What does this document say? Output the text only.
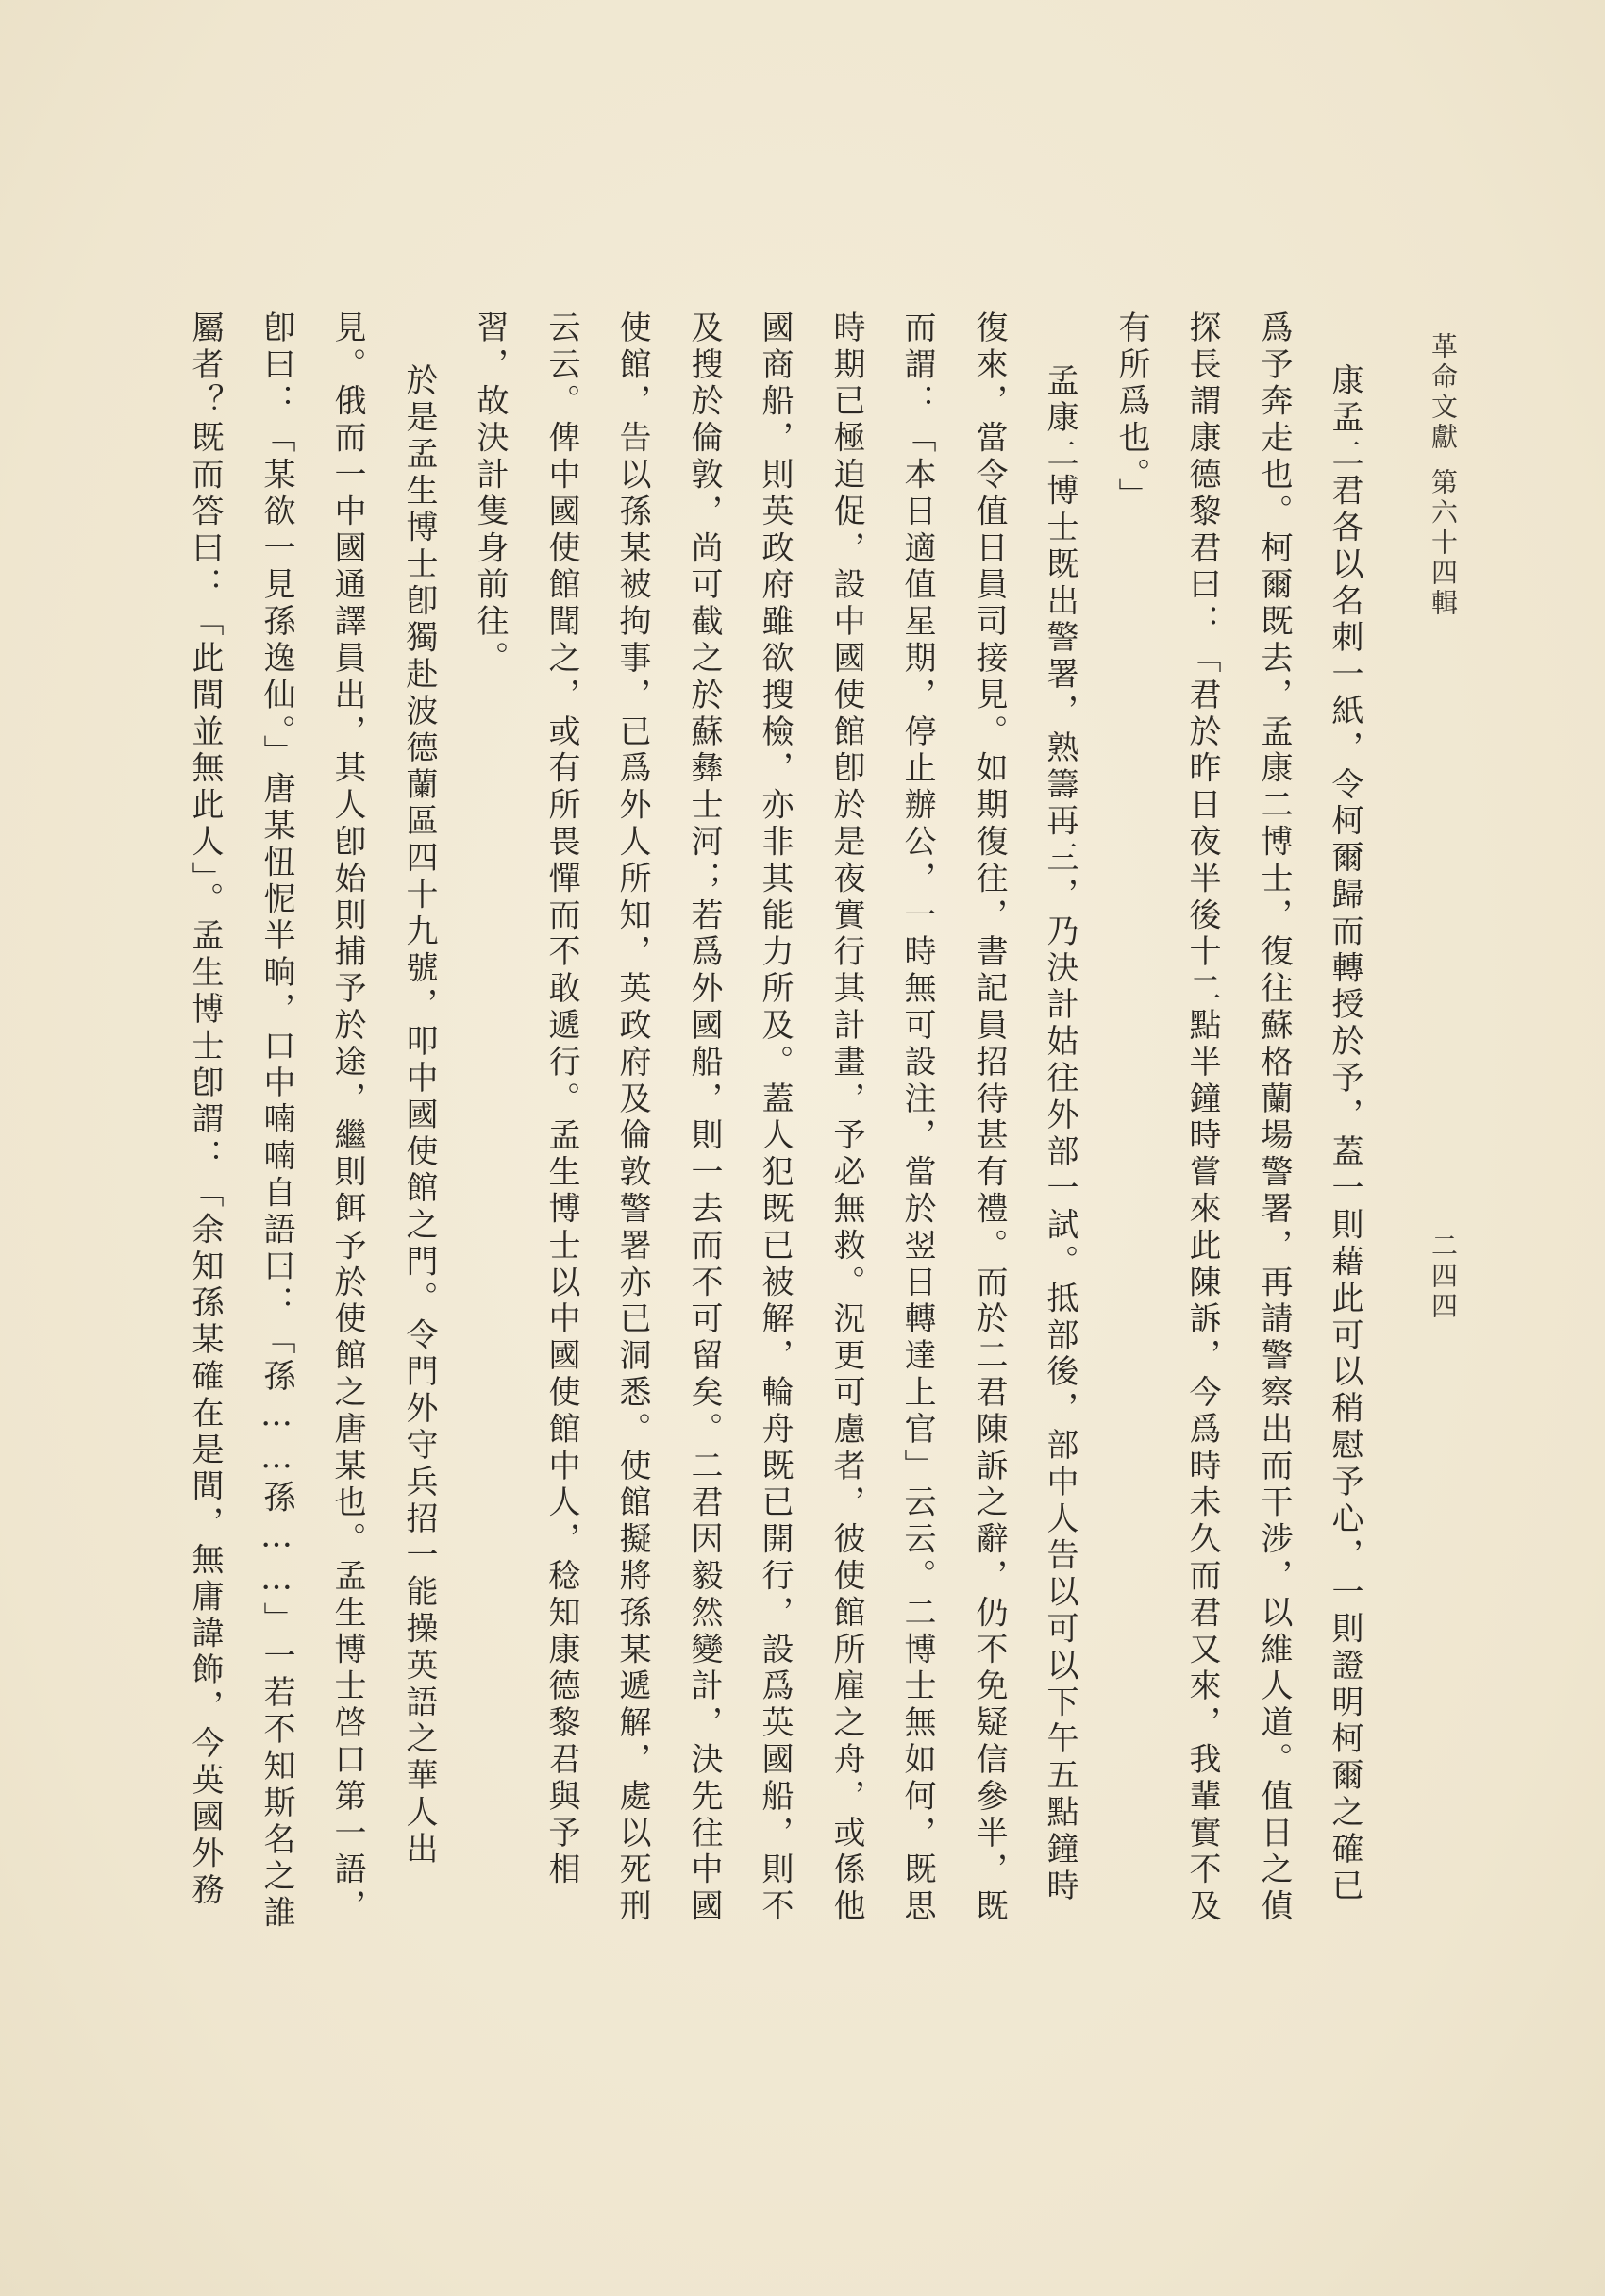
革命文獻第六十四輯
二四四
康孟二君各以名刺一紙，令柯爾歸而轉授於予，蓋一則藉此可以稍慰予心，一則證明柯爾之確已
爲予奔走也。柯爾既去，孟康二博士，復往蘇格蘭場警署，再請警察出而干涉，以維人道。值日之偵
探長謂康德黎君曰：「君於昨日夜半後十二點半鐘時嘗來此陳訴，今爲時未久而君又來，我輩實不及
有所爲也。」
孟康二博士既出警署，熟籌再三，乃決計姑往外部一試。抵部後，部中人告以可以下午五點鐘時
復來，當令值日員司接見。如期復往，書記員招待甚有禮。而於二君陳訴之辭，仍不免疑信參半，既
而謂：「本日適值星期，停止辦公，一時無可設注，當於翌日轉達上官」云云。二博士無如何，既思
時期已極迫促，設中國使館卽於是夜實行其計畫，予必無救。況更可慮者，彼使館所雇之舟，或係他
國商船，則英政府雖欲搜檢，亦非其能力所及。蓋人犯既已被解，輪舟既已開行，設爲英國船，則不
及搜於倫敦，尚可截之於蘇彝士河；若爲外國船，則一去而不可留矣。二君因毅然變計，決先往中國
使館，告以孫某被拘事，已爲外人所知，英政府及倫敦警署亦已洞悉。使館擬將孫某遞解，處以死刑
云云。俾中國使館聞之，或有所畏憚而不敢遞行。孟生博士以中國使館中人，稔知康德黎君與予相
習，故決計隻身前往。
於是孟生博士卽獨赴波德蘭區四十九號，叩中國使館之門。令門外守兵招一能操英語之華人出
見。俄而一中國通譯員出，其人卽始則捕予於途，繼則餌予於使館之唐某也。孟生博士啓口第一語，
卽曰：「某欲一見孫逸仙。」唐某忸怩半晌，口中喃喃自語曰：「孫……孫……」一若不知斯名之誰
屬者？既而答曰：「此間並無此人」。孟生博士卽謂：「余知孫某確在是間，無庸諱飾，今英國外務
